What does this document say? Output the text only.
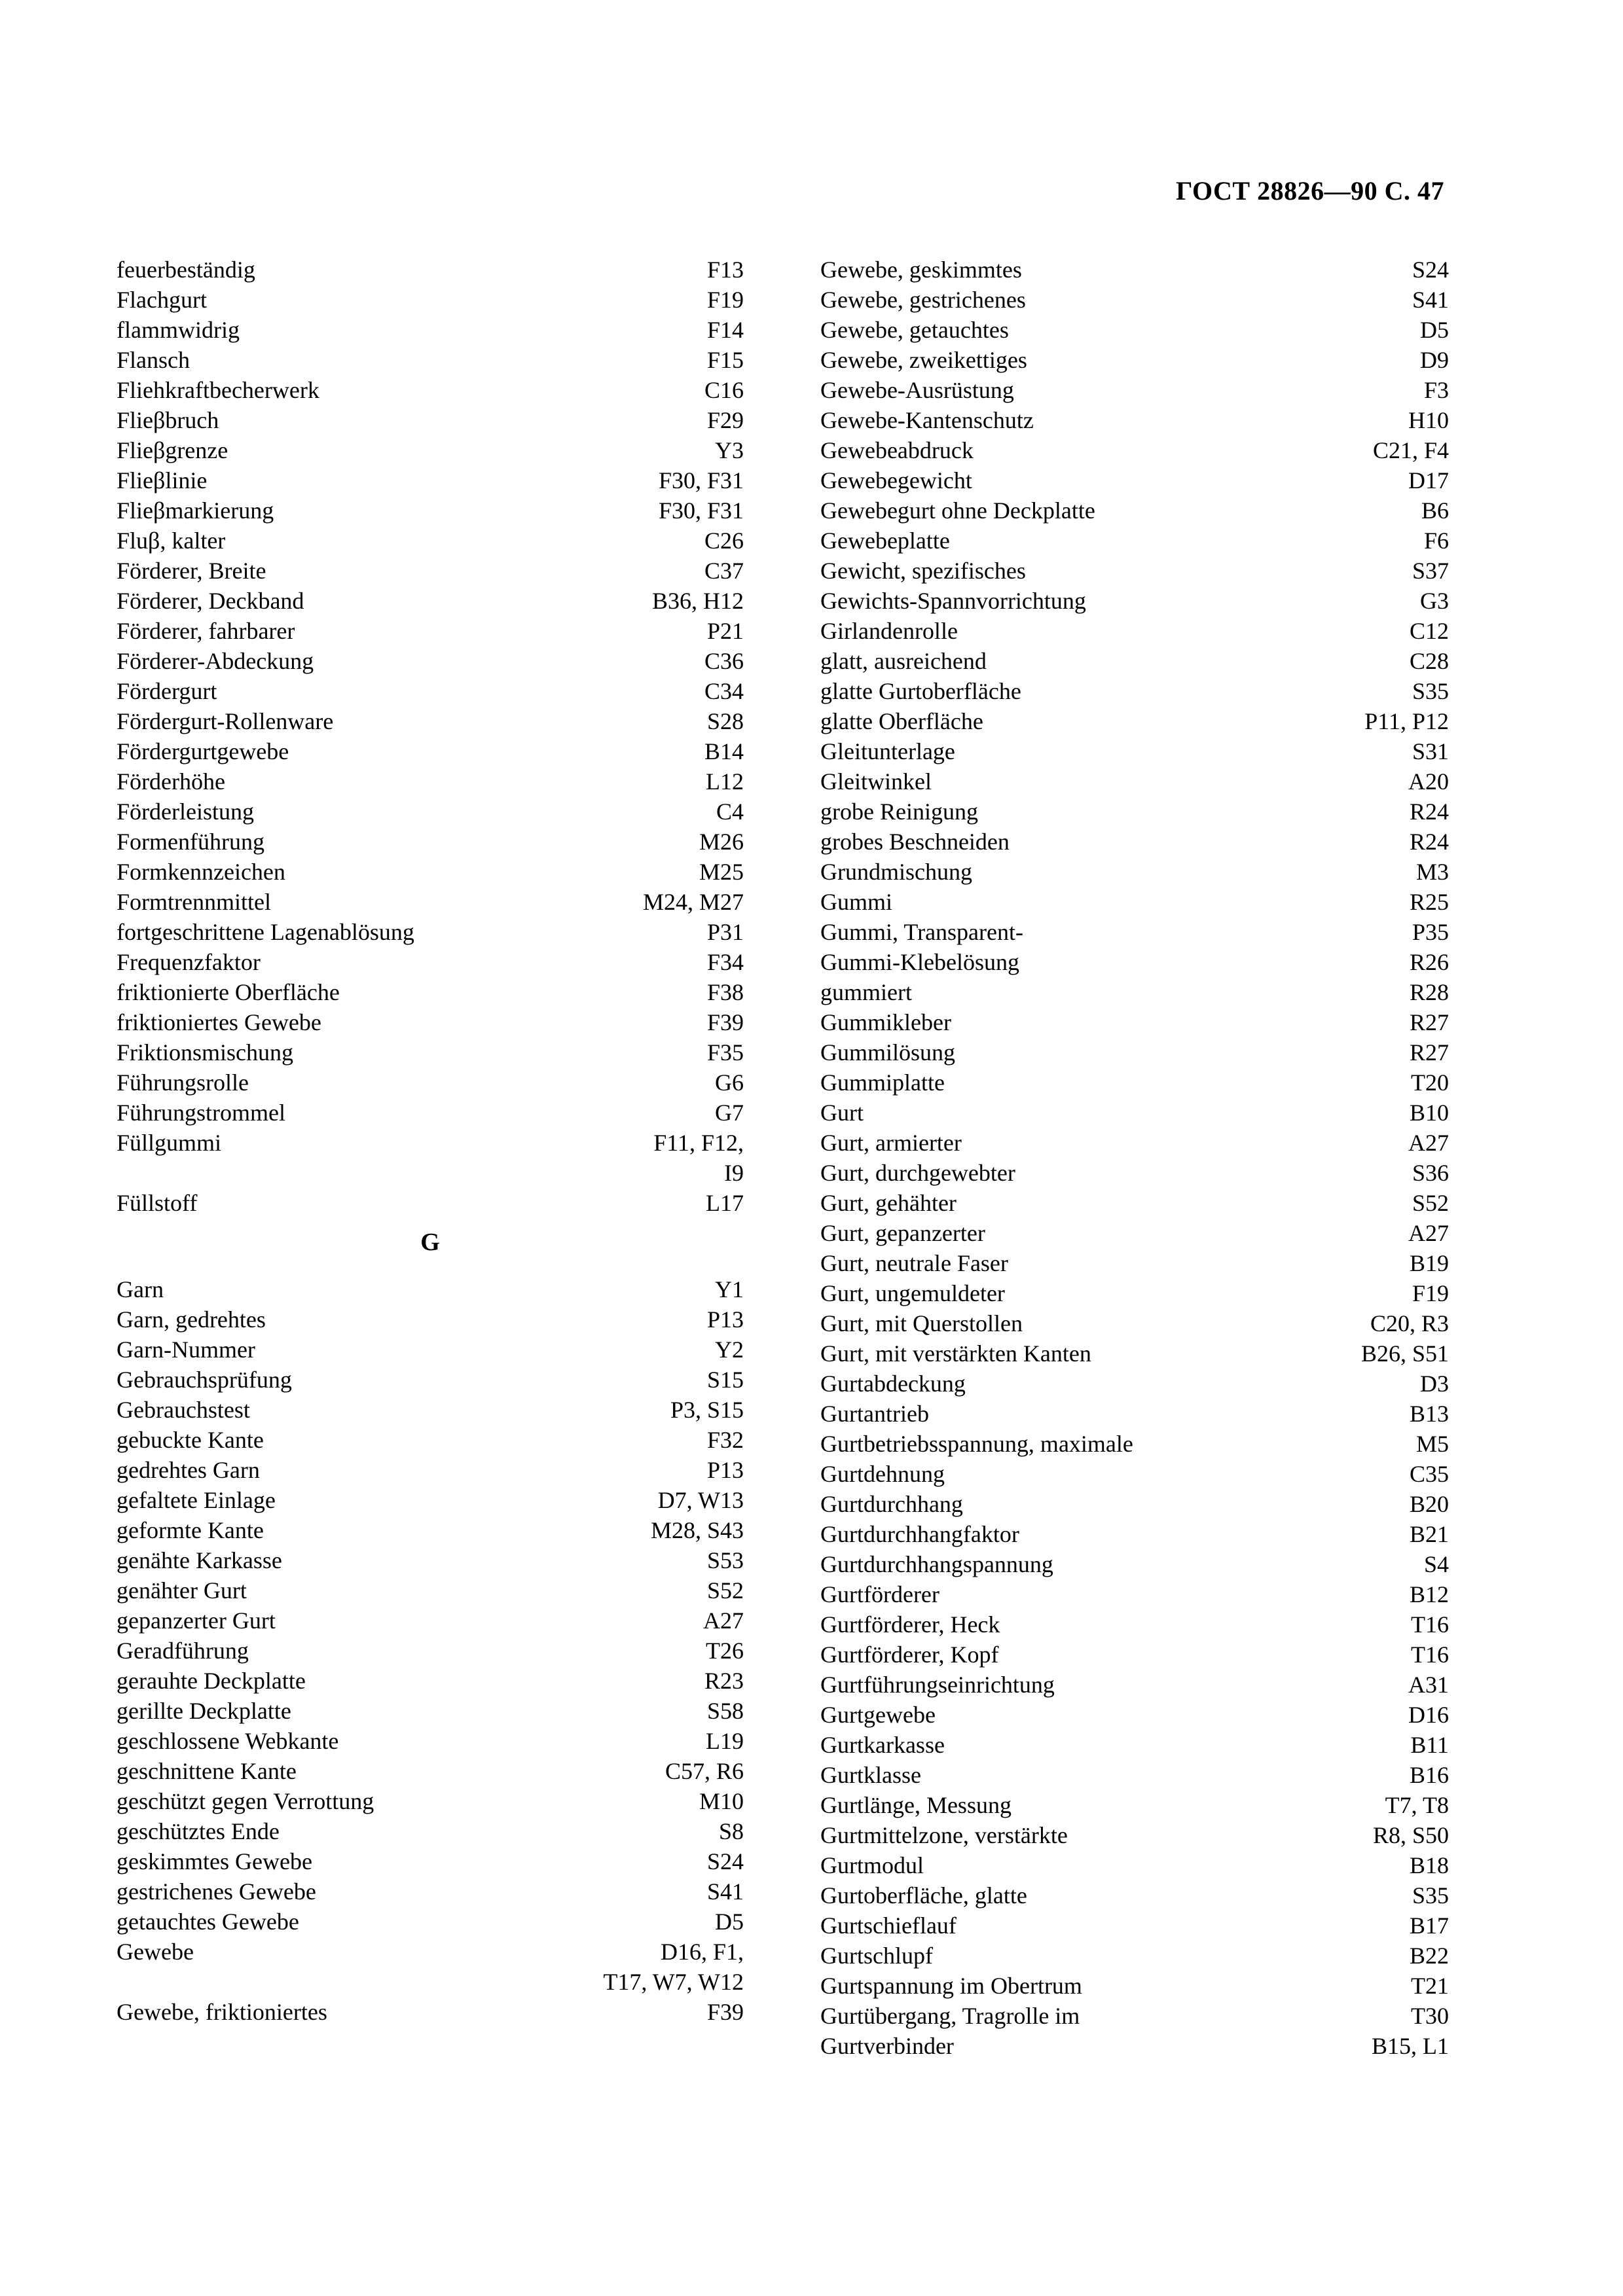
ГОСТ 28826—90 С. 47
feuerbeständig	F13
Flachgurt	F19
flammwidrig	F14
Flansch	F15
Fliehkraftbecherwerk	C16
Flieβbruch	F29
Flieβgrenze	Y3
Flieβlinie	F30, F31
Flieβmarkierung	F30, F31
Fluβ, kalter	C26
Förderer, Breite	C37
Förderer, Deckband	B36, H12
Förderer, fahrbarer	P21
Förderer-Abdeckung	C36
Fördergurt	C34
Fördergurt-Rollenware	S28
Fördergurtgewebe	B14
Förderhöhe	L12
Förderleistung	C4
Formenführung	M26
Formkennzeichen	M25
Formtrennmittel	M24, M27
fortgeschrittene Lagenablösung	P31
Frequenzfaktor	F34
friktionierte Oberfläche	F38
friktioniertes Gewebe	F39
Friktionsmischung	F35
Führungsrolle	G6
Führungstrommel	G7
Füllgummi	F11, F12,
I9
Füllstoff	L17
G
Garn	Y1
Garn, gedrehtes	P13
Garn-Nummer	Y2
Gebrauchsprüfung	S15
Gebrauchstest	P3, S15
gebuckte Kante	F32
gedrehtes Garn	P13
gefaltete Einlage	D7, W13
geformte Kante	M28, S43
genähte Karkasse	S53
genähter Gurt	S52
gepanzerter Gurt	A27
Geradführung	T26
gerauhte Deckplatte	R23
gerillte Deckplatte	S58
geschlossene Webkante	L19
geschnittene Kante	C57, R6
geschützt gegen Verrottung	M10
geschütztes Ende	S8
geskimmtes Gewebe	S24
gestrichenes Gewebe	S41
getauchtes Gewebe	D5
Gewebe	D16, F1,
T17, W7, W12
Gewebe, friktioniertes	F39
Gewebe, geskimmtes	S24
Gewebe, gestrichenes	S41
Gewebe, getauchtes	D5
Gewebe, zweikettiges	D9
Gewebe-Ausrüstung	F3
Gewebe-Kantenschutz	H10
Gewebeabdruck	C21, F4
Gewebegewicht	D17
Gewebegurt ohne Deckplatte	B6
Gewebeplatte	F6
Gewicht, spezifisches	S37
Gewichts-Spannvorrichtung	G3
Girlandenrolle	C12
glatt, ausreichend	C28
glatte Gurtoberfläche	S35
glatte Oberfläche	P11, P12
Gleitunterlage	S31
Gleitwinkel	A20
grobe Reinigung	R24
grobes Beschneiden	R24
Grundmischung	M3
Gummi	R25
Gummi, Transparent-	P35
Gummi-Klebelösung	R26
gummiert	R28
Gummikleber	R27
Gummilösung	R27
Gummiplatte	T20
Gurt	B10
Gurt, armierter	A27
Gurt, durchgewebter	S36
Gurt, gehähter	S52
Gurt, gepanzerter	A27
Gurt, neutrale Faser	B19
Gurt, ungemuldeter	F19
Gurt, mit Querstollen	C20, R3
Gurt, mit verstärkten Kanten	B26, S51
Gurtabdeckung	D3
Gurtantrieb	B13
Gurtbetriebsspannung, maximale	M5
Gurtdehnung	C35
Gurtdurchhang	B20
Gurtdurchhangfaktor	B21
Gurtdurchhangspannung	S4
Gurtförderer	B12
Gurtförderer, Heck	T16
Gurtförderer, Kopf	T16
Gurtführungseinrichtung	A31
Gurtgewebe	D16
Gurtkarkasse	B11
Gurtklasse	B16
Gurtlänge, Messung	T7, T8
Gurtmittelzone, verstärkte	R8, S50
Gurtmodul	B18
Gurtoberfläche, glatte	S35
Gurtschieflauf	B17
Gurtschlupf	B22
Gurtspannung im Obertrum	T21
Gurtübergang, Tragrolle im	T30
Gurtverbinder	B15, L1
